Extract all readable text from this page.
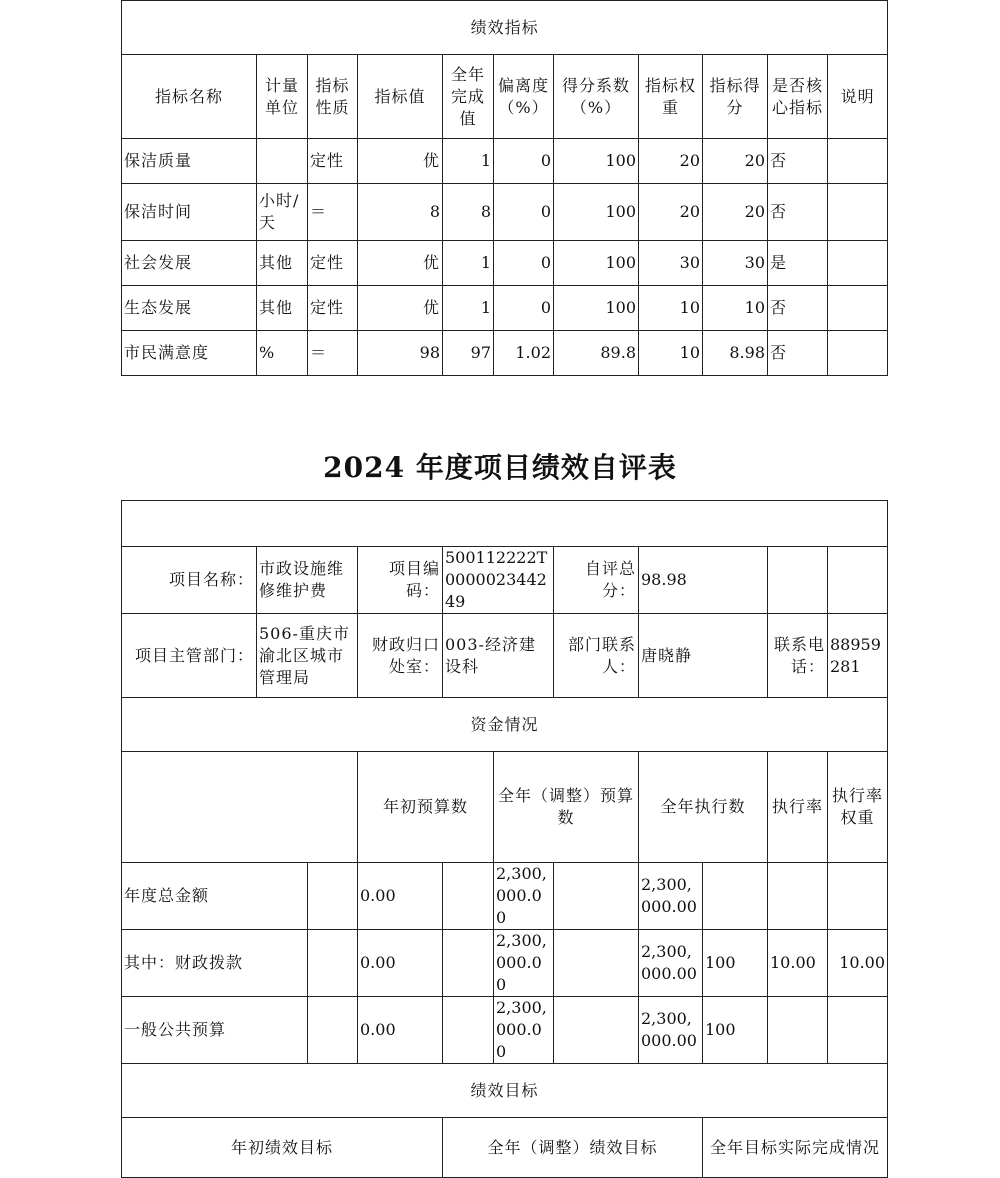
绩效指标										
指标名称	计量单位	指标性质	指标值	全年完成值	偏离度（%）	得分系数（%）	指标权重	指标得分	是否核心指标	说明
保洁质量		定性	优	1	0	100	20	20	否	
保洁时间	小时/天	＝	8	8	0	100	20	20	否	
社会发展	其他	定性	优	1	0	100	30	30	是	
生态发展	其他	定性	优	1	0	100	10	10	否	
市民满意度	%	＝	98	97	1.02	89.8	10	8.98	否	
2024 年度项目绩效自评表

项目名称：	市政设施维修维护费		项目编码：	500112222T000002344249		自评总分：	98.98				
项目主管部门：	506-重庆市渝北区城市管理局		财政归口处室：	003-经济建设科		部门联系人：	唐晓静		联系电话：	88959281	
资金情况											
			年初预算数		全年（调整）预算数		全年执行数		执行率	执行率权重	
年度总金额			0.00		2,300,000.00		2,300,000.00				
其中：财政拨款			0.00		2,300,000.00		2,300,000.00	100	10.00	10.00	
一般公共预算			0.00		2,300,000.00		2,300,000.00	100			
绩效目标											
年初绩效目标				全年（调整）绩效目标				全年目标实际完成情况			
